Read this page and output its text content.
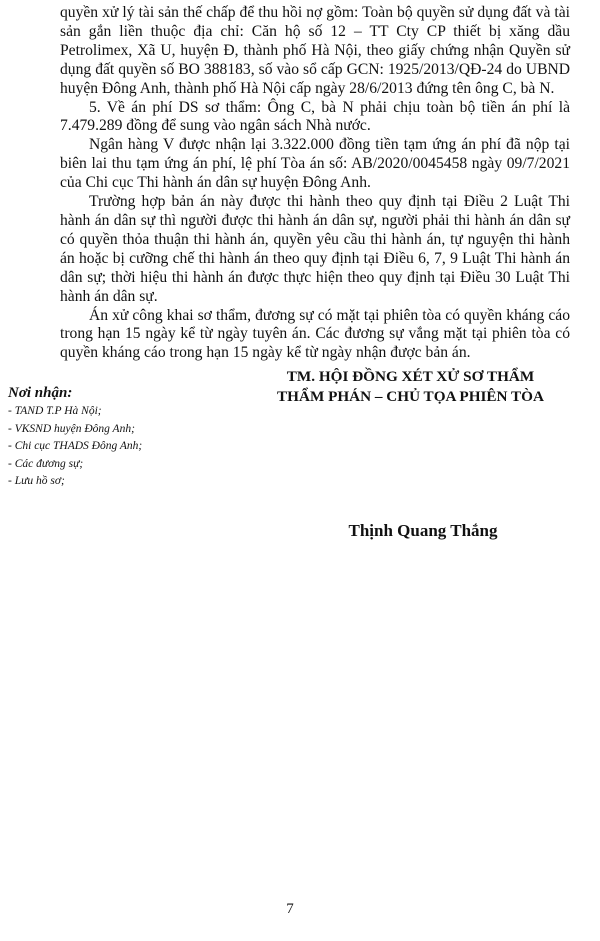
quyền xử lý tài sản thế chấp để thu hồi nợ gồm: Toàn bộ quyền sử dụng đất và tài sản gắn liền thuộc địa chỉ: Căn hộ số 12 – TT Cty CP thiết bị xăng dầu Petrolimex, Xã U, huyện Đ, thành phố Hà Nội, theo giấy chứng nhận Quyền sử dụng đất quyền số BO 388183, số vào sổ cấp GCN: 1925/2013/QĐ-24 do UBND huyện Đông Anh, thành phố Hà Nội cấp ngày 28/6/2013 đứng tên ông C, bà N.

5. Về án phí DS sơ thẩm: Ông C, bà N phải chịu toàn bộ tiền án phí là 7.479.289 đồng để sung vào ngân sách Nhà nước.

Ngân hàng V được nhận lại 3.322.000 đồng tiền tạm ứng án phí đã nộp tại biên lai thu tạm ứng án phí, lệ phí Tòa án số: AB/2020/0045458 ngày 09/7/2021 của Chi cục Thi hành án dân sự huyện Đông Anh.

Trường hợp bản án này được thi hành theo quy định tại Điều 2 Luật Thi hành án dân sự thì người được thi hành án dân sự, người phải thi hành án dân sự có quyền thỏa thuận thi hành án, quyền yêu cầu thi hành án, tự nguyện thi hành án hoặc bị cưỡng chế thi hành án theo quy định tại Điều 6, 7, 9 Luật Thi hành án dân sự; thời hiệu thi hành án được thực hiện theo quy định tại Điều 30 Luật Thi hành án dân sự.

Án xử công khai sơ thẩm, đương sự có mặt tại phiên tòa có quyền kháng cáo trong hạn 15 ngày kể từ ngày tuyên án. Các đương sự vắng mặt tại phiên tòa có quyền kháng cáo trong hạn 15 ngày kể từ ngày nhận được bản án.

TM. HỘI ĐỒNG XÉT XỬ SƠ THẨM
THẨM PHÁN – CHỦ TỌA PHIÊN TÒA
Nơi nhận:
- TAND T.P Hà Nội;
- VKSND huyện Đông Anh;
- Chi cục THADS Đông Anh;
- Các đương sự;
- Lưu hồ sơ;
Thịnh Quang Thắng
7
